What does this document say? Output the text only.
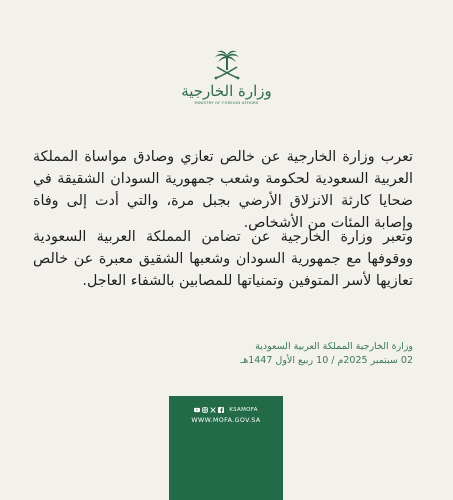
وزارة الخارجية
MINISTRY OF FOREIGN AFFAIRS

تعرب وزارة الخارجية عن خالص تعازي وصادق مواساة المملكة العربية السعودية لحكومة وشعب جمهورية السودان الشقيقة في ضحايا كارثة الانزلاق الأرضي بجبل مرة، والتي أدت إلى وفاة وإصابة المئات من الأشخاص.

وتعبر وزارة الخارجية عن تضامن المملكة العربية السعودية ووقوفها مع جمهورية السودان وشعبها الشقيق معبرة عن خالص تعازيها لأسر المتوفين وتمنياتها للمصابين بالشفاء العاجل.

وزارة الخارجية المملكة العربية السعودية
02 سبتمبر 2025م / 10 ربيع الأول 1447هـ
KSAMOFA
WWW.MOFA.GOV.SA
